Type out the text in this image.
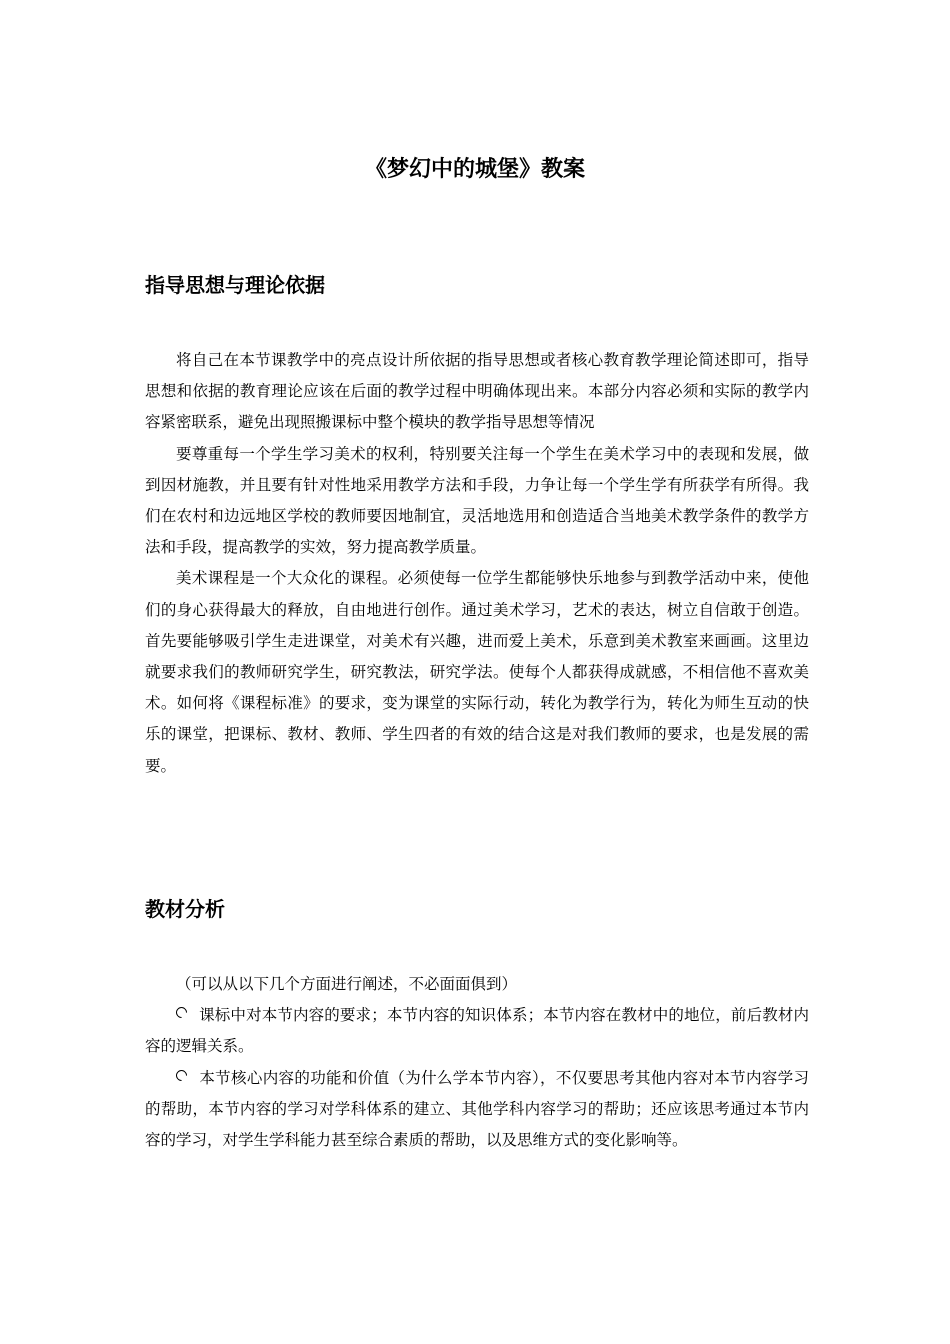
《梦幻中的城堡》教案
指导思想与理论依据

将自己在本节课教学中的亮点设计所依据的指导思想或者核心教育教学理论简述即可，指导思想和依据的教育理论应该在后面的教学过程中明确体现出来。本部分内容必须和实际的教学内容紧密联系，避免出现照搬课标中整个模块的教学指导思想等情况

要尊重每一个学生学习美术的权利，特别要关注每一个学生在美术学习中的表现和发展，做到因材施教，并且要有针对性地采用教学方法和手段，力争让每一个学生学有所获学有所得。我们在农村和边远地区学校的教师要因地制宜，灵活地选用和创造适合当地美术教学条件的教学方法和手段，提高教学的实效，努力提高教学质量。

美术课程是一个大众化的课程。必须使每一位学生都能够快乐地参与到教学活动中来，使他们的身心获得最大的释放，自由地进行创作。通过美术学习，艺术的表达，树立自信敢于创造。首先要能够吸引学生走进课堂，对美术有兴趣，进而爱上美术，乐意到美术教室来画画。这里边就要求我们的教师研究学生，研究教法，研究学法。使每个人都获得成就感，不相信他不喜欢美术。如何将《课程标准》的要求，变为课堂的实际行动，转化为教学行为，转化为师生互动的快乐的课堂，把课标、教材、教师、学生四者的有效的结合这是对我们教师的要求，也是发展的需要。

教材分析

（可以从以下几个方面进行阐述，不必面面俱到）

课标中对本节内容的要求；本节内容的知识体系；本节内容在教材中的地位，前后教材内容的逻辑关系。

本节核心内容的功能和价值（为什么学本节内容），不仅要思考其他内容对本节内容学习的帮助，本节内容的学习对学科体系的建立、其他学科内容学习的帮助；还应该思考通过本节内容的学习，对学生学科能力甚至综合素质的帮助，以及思维方式的变化影响等。
